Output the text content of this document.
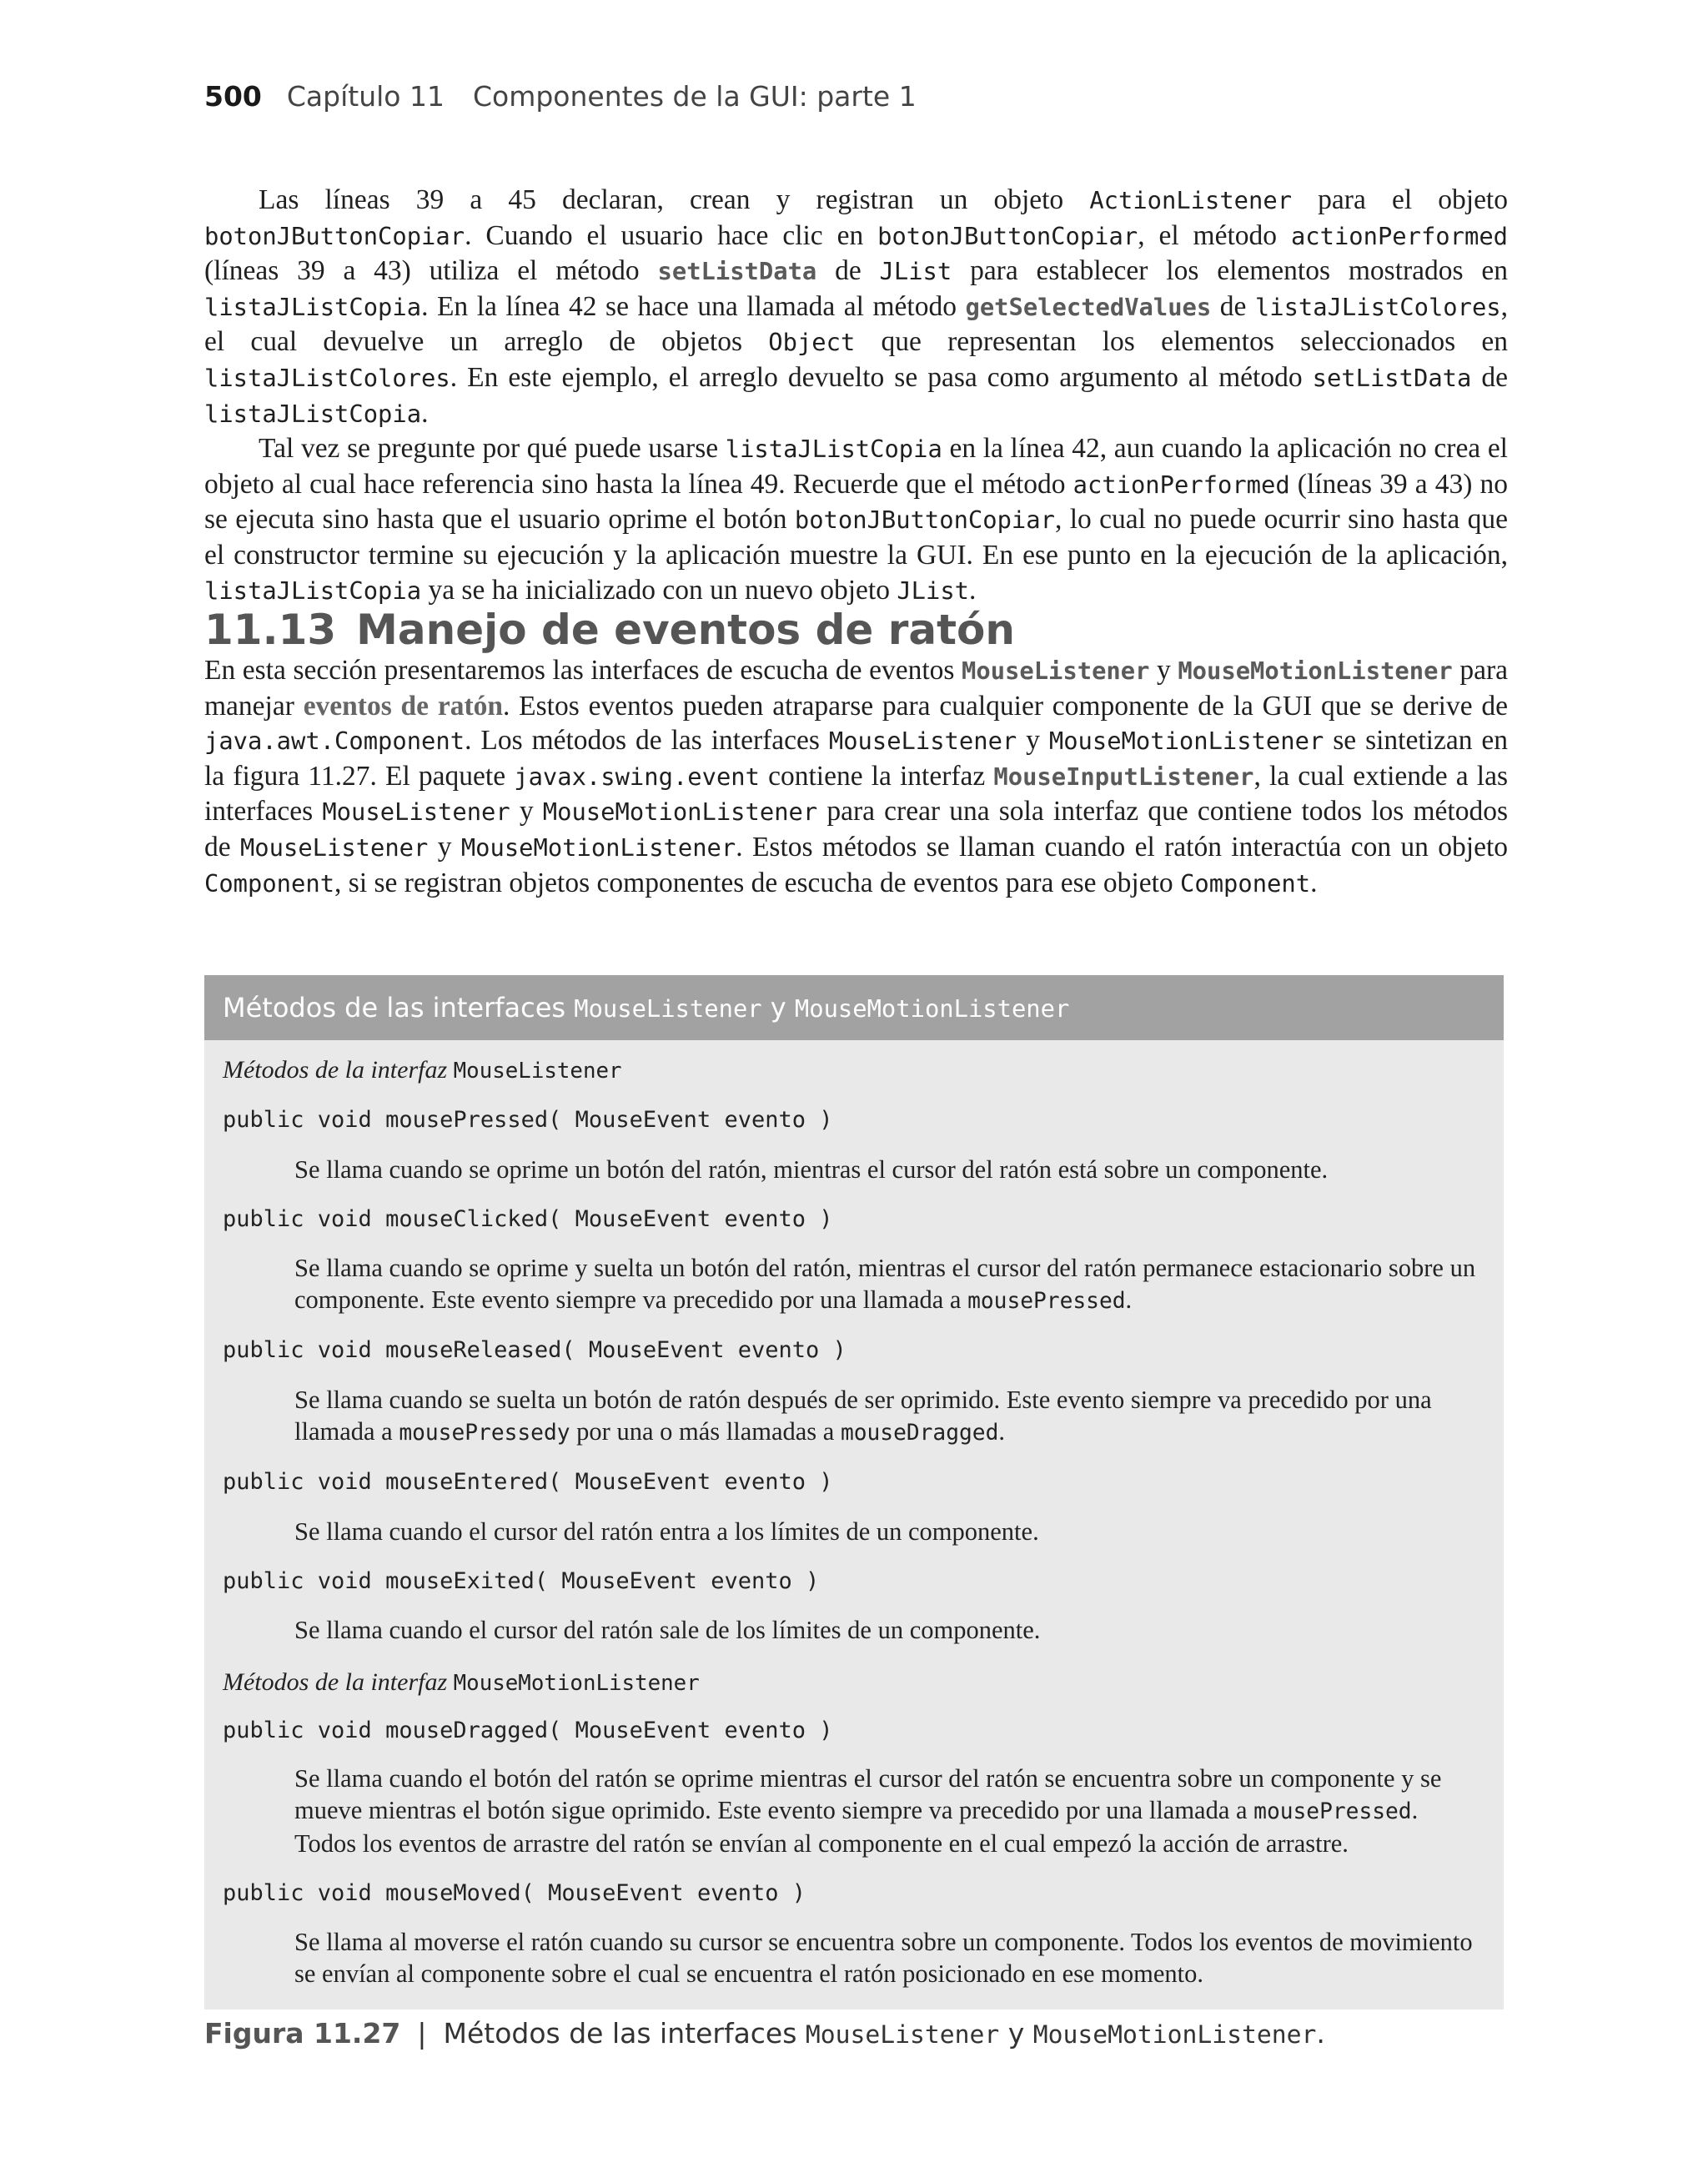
500 Capítulo 11 Componentes de la GUI: parte 1

Las líneas 39 a 45 declaran, crean y registran un objeto ActionListener para el objeto botonJButtonCopiar. Cuando el usuario hace clic en botonJButtonCopiar, el método actionPerformed (líneas 39 a 43) utiliza el método setListData de JList para establecer los elementos mostrados en listaJListCopia. En la línea 42 se hace una llamada al método getSelectedValues de listaJListColores, el cual devuelve un arreglo de objetos Object que representan los elementos seleccionados en listaJListColores. En este ejemplo, el arreglo devuelto se pasa como argumento al método setListData de listaJListCopia.

Tal vez se pregunte por qué puede usarse listaJListCopia en la línea 42, aun cuando la aplicación no crea el objeto al cual hace referencia sino hasta la línea 49. Recuerde que el método actionPerformed (líneas 39 a 43) no se ejecuta sino hasta que el usuario oprime el botón botonJButtonCopiar, lo cual no puede ocurrir sino hasta que el constructor termine su ejecución y la aplicación muestre la GUI. En ese punto en la ejecución de la aplicación, listaJListCopia ya se ha inicializado con un nuevo objeto JList.

11.13 Manejo de eventos de ratón

En esta sección presentaremos las interfaces de escucha de eventos MouseListener y MouseMotionListener para manejar eventos de ratón. Estos eventos pueden atraparse para cualquier componente de la GUI que se derive de java.awt.Component. Los métodos de las interfaces MouseListener y MouseMotionListener se sintetizan en la figura 11.27. El paquete javax.swing.event contiene la interfaz MouseInputListener, la cual extiende a las interfaces MouseListener y MouseMotionListener para crear una sola interfaz que contiene todos los métodos de MouseListener y MouseMotionListener. Estos métodos se llaman cuando el ratón interactúa con un objeto Component, si se registran objetos componentes de escucha de eventos para ese objeto Component.

Métodos de las interfaces MouseListener y MouseMotionListener
Métodos de la interfaz MouseListener
public void mousePressed( MouseEvent evento )
Se llama cuando se oprime un botón del ratón, mientras el cursor del ratón está sobre un componente.
public void mouseClicked( MouseEvent evento )
Se llama cuando se oprime y suelta un botón del ratón, mientras el cursor del ratón permanece estacionario sobre un componente. Este evento siempre va precedido por una llamada a mousePressed.
public void mouseReleased( MouseEvent evento )
Se llama cuando se suelta un botón de ratón después de ser oprimido. Este evento siempre va precedido por una llamada a mousePressedy por una o más llamadas a mouseDragged.
public void mouseEntered( MouseEvent evento )
Se llama cuando el cursor del ratón entra a los límites de un componente.
public void mouseExited( MouseEvent evento )
Se llama cuando el cursor del ratón sale de los límites de un componente.
Métodos de la interfaz MouseMotionListener
public void mouseDragged( MouseEvent evento )
Se llama cuando el botón del ratón se oprime mientras el cursor del ratón se encuentra sobre un componente y se mueve mientras el botón sigue oprimido. Este evento siempre va precedido por una llamada a mousePressed. Todos los eventos de arrastre del ratón se envían al componente en el cual empezó la acción de arrastre.
public void mouseMoved( MouseEvent evento )
Se llama al moverse el ratón cuando su cursor se encuentra sobre un componente. Todos los eventos de movimiento se envían al componente sobre el cual se encuentra el ratón posicionado en ese momento.
Figura 11.27 | Métodos de las interfaces MouseListener y MouseMotionListener.
